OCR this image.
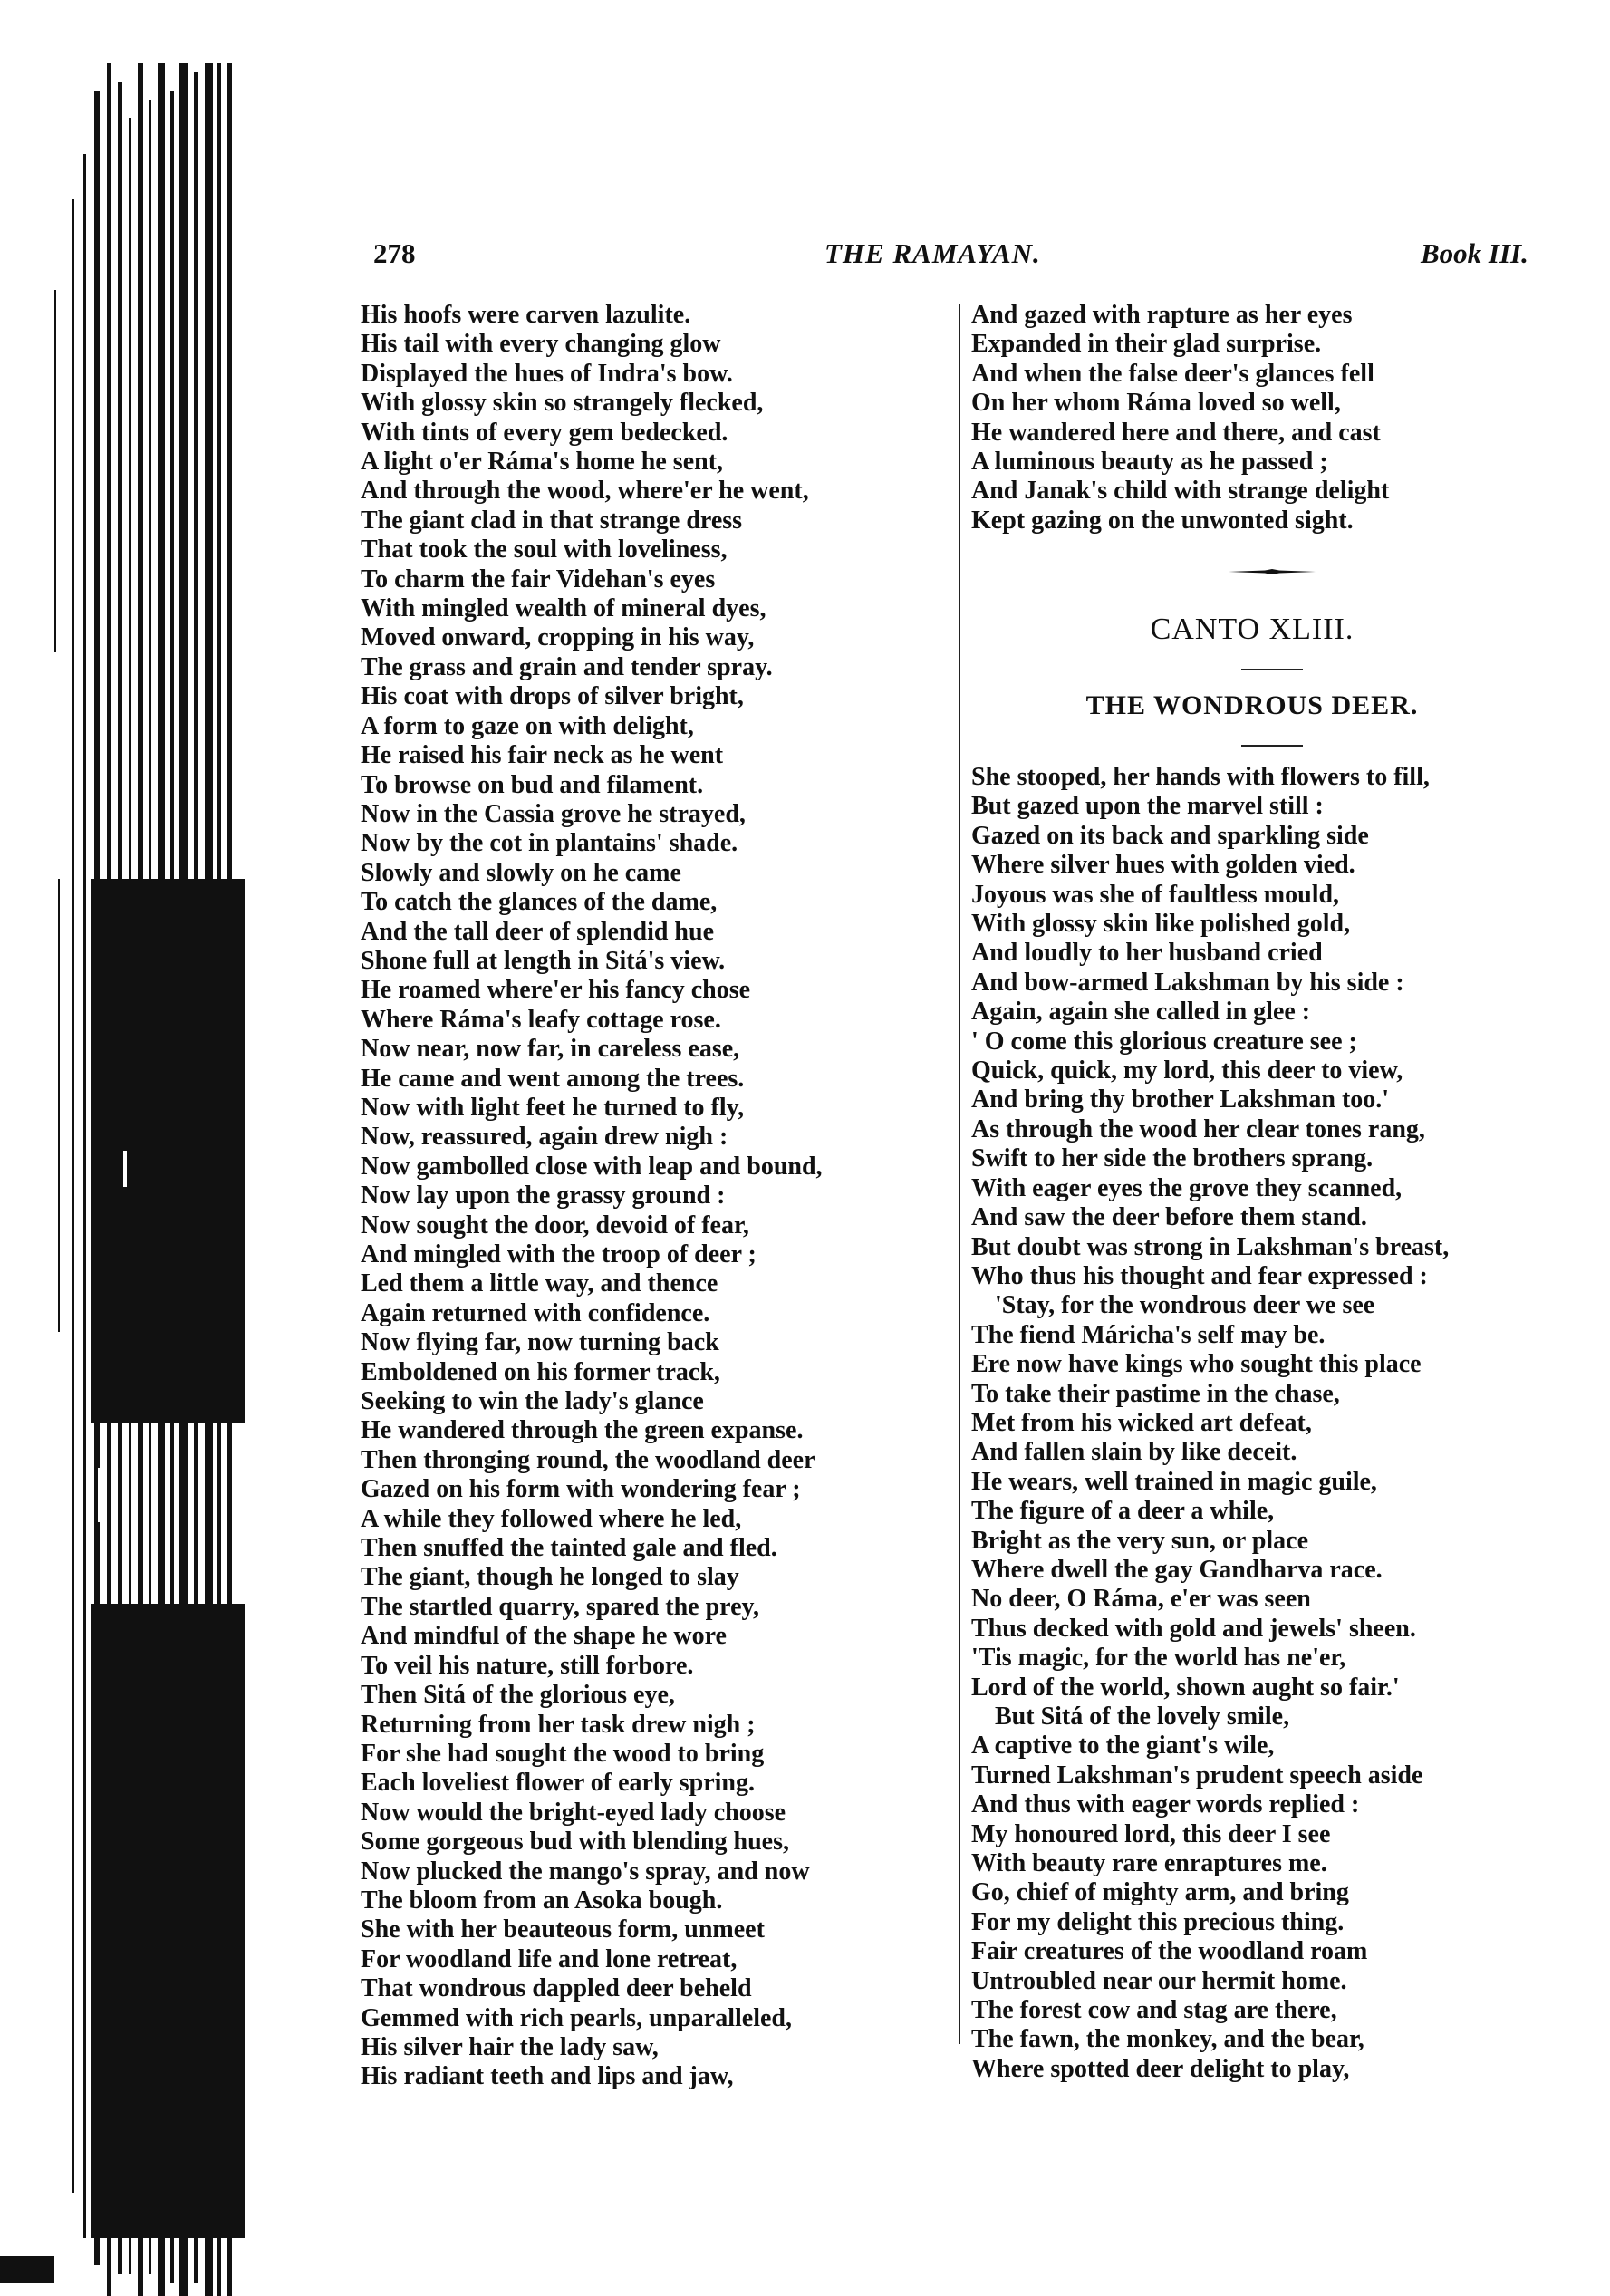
278	THE RAMAYAN.	Book III.
His hoofs were carven lazulite.
His tail with every changing glow
Displayed the hues of Indra's bow.
With glossy skin so strangely flecked,
With tints of every gem bedecked.
A light o'er Ráma's home he sent,
And through the wood, where'er he went,
The giant clad in that strange dress
That took the soul with loveliness,
To charm the fair Videhan's eyes
With mingled wealth of mineral dyes,
Moved onward, cropping in his way,
The grass and grain and tender spray.
His coat with drops of silver bright,
A form to gaze on with delight,
He raised his fair neck as he went
To browse on bud and filament.
Now in the Cassia grove he strayed,
Now by the cot in plantains' shade.
Slowly and slowly on he came
To catch the glances of the dame,
And the tall deer of splendid hue
Shone full at length in Sitá's view.
He roamed where'er his fancy chose
Where Ráma's leafy cottage rose.
Now near, now far, in careless ease,
He came and went among the trees.
Now with light feet he turned to fly,
Now, reassured, again drew nigh :
Now gambolled close with leap and bound,
Now lay upon the grassy ground :
Now sought the door, devoid of fear,
And mingled with the troop of deer ;
Led them a little way, and thence
Again returned with confidence.
Now flying far, now turning back
Emboldened on his former track,
Seeking to win the lady's glance
He wandered through the green expanse.
Then thronging round, the woodland deer
Gazed on his form with wondering fear ;
A while they followed where he led,
Then snuffed the tainted gale and fled.
The giant, though he longed to slay
The startled quarry, spared the prey,
And mindful of the shape he wore
To veil his nature, still forbore.
Then Sitá of the glorious eye,
Returning from her task drew nigh ;
For she had sought the wood to bring
Each loveliest flower of early spring.
Now would the bright-eyed lady choose
Some gorgeous bud with blending hues,
Now plucked the mango's spray, and now
The bloom from an Asoka bough.
She with her beauteous form, unmeet
For woodland life and lone retreat,
That wondrous dappled deer beheld
Gemmed with rich pearls, unparalleled,
His silver hair the lady saw,
His radiant teeth and lips and jaw,
And gazed with rapture as her eyes
Expanded in their glad surprise.
And when the false deer's glances fell
On her whom Ráma loved so well,
He wandered here and there, and cast
A luminous beauty as he passed ;
And Janak's child with strange delight
Kept gazing on the unwonted sight.
CANTO XLIII.
THE WONDROUS DEER.
She stooped, her hands with flowers to fill,
But gazed upon the marvel still :
Gazed on its back and sparkling side
Where silver hues with golden vied.
Joyous was she of faultless mould,
With glossy skin like polished gold,
And loudly to her husband cried
And bow-armed Lakshman by his side :
Again, again she called in glee :
' O come this glorious creature see ;
Quick, quick, my lord, this deer to view,
And bring thy brother Lakshman too.'
As through the wood her clear tones rang,
Swift to her side the brothers sprang.
With eager eyes the grove they scanned,
And saw the deer before them stand.
But doubt was strong in Lakshman's breast,
Who thus his thought and fear expressed :
'Stay, for the wondrous deer we see
The fiend Máricha's self may be.
Ere now have kings who sought this place
To take their pastime in the chase,
Met from his wicked art defeat,
And fallen slain by like deceit.
He wears, well trained in magic guile,
The figure of a deer a while,
Bright as the very sun, or place
Where dwell the gay Gandharva race.
No deer, O Ráma, e'er was seen
Thus decked with gold and jewels' sheen.
'Tis magic, for the world has ne'er,
Lord of the world, shown aught so fair.'
But Sitá of the lovely smile,
A captive to the giant's wile,
Turned Lakshman's prudent speech aside
And thus with eager words replied :
My honoured lord, this deer I see
With beauty rare enraptures me.
Go, chief of mighty arm, and bring
For my delight this precious thing.
Fair creatures of the woodland roam
Untroubled near our hermit home.
The forest cow and stag are there,
The fawn, the monkey, and the bear,
Where spotted deer delight to play,
